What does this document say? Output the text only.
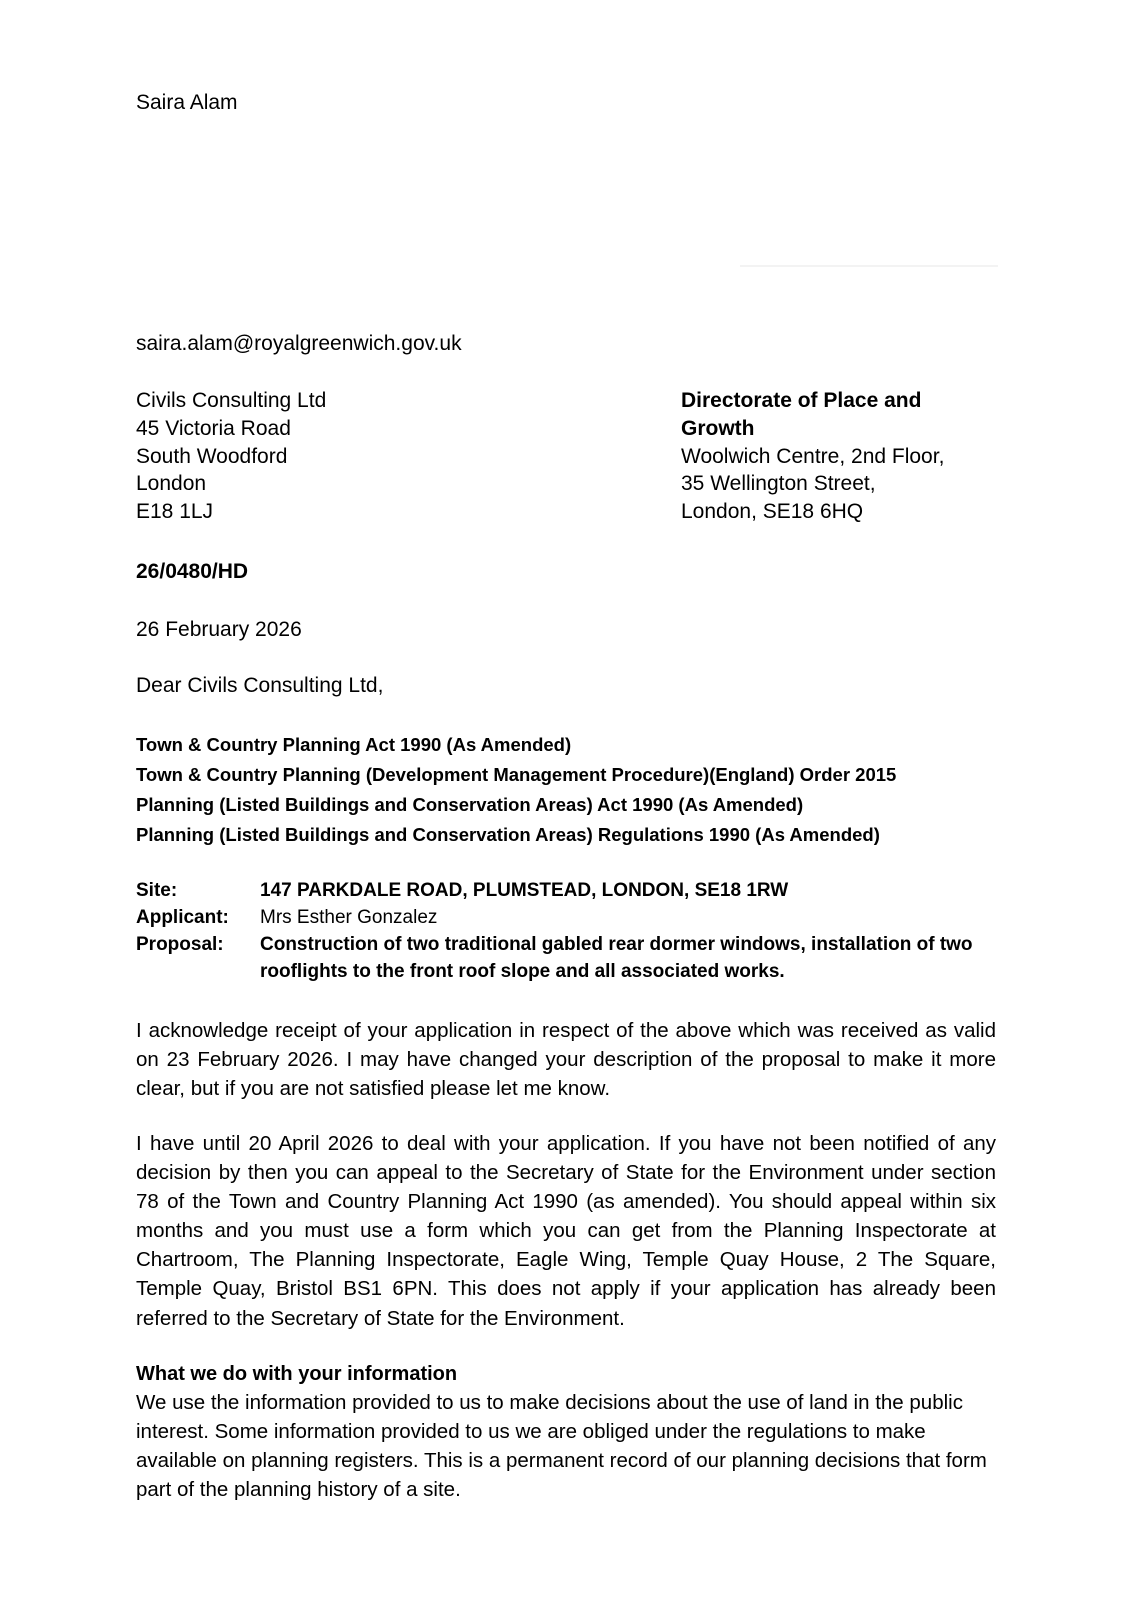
Saira Alam
saira.alam@royalgreenwich.gov.uk
Civils Consulting Ltd
45 Victoria Road
South Woodford
London
E18 1LJ
Directorate of Place and
Growth
Woolwich Centre, 2nd Floor,
35 Wellington Street,
London, SE18 6HQ
26/0480/HD
26 February 2026
Dear Civils Consulting Ltd,
Town & Country Planning Act 1990 (As Amended)
Town & Country Planning (Development Management Procedure)(England) Order 2015
Planning (Listed Buildings and Conservation Areas) Act 1990 (As Amended)
Planning (Listed Buildings and Conservation Areas) Regulations 1990 (As Amended)
Site:	147 PARKDALE ROAD, PLUMSTEAD, LONDON, SE18 1RW
Applicant:	Mrs Esther Gonzalez
Proposal:	Construction of two traditional gabled rear dormer windows, installation of two rooflights to the front roof slope and all associated works.
I acknowledge receipt of your application in respect of the above which was received as valid on 23 February 2026. I may have changed your description of the proposal to make it more clear, but if you are not satisfied please let me know.
I have until 20 April 2026 to deal with your application. If you have not been notified of any decision by then you can appeal to the Secretary of State for the Environment under section 78 of the Town and Country Planning Act 1990 (as amended). You should appeal within six months and you must use a form which you can get from the Planning Inspectorate at Chartroom, The Planning Inspectorate, Eagle Wing, Temple Quay House, 2 The Square, Temple Quay, Bristol BS1 6PN. This does not apply if your application has already been referred to the Secretary of State for the Environment.
What we do with your information
We use the information provided to us to make decisions about the use of land in the public interest. Some information provided to us we are obliged under the regulations to make available on planning registers. This is a permanent record of our planning decisions that form part of the planning history of a site.
